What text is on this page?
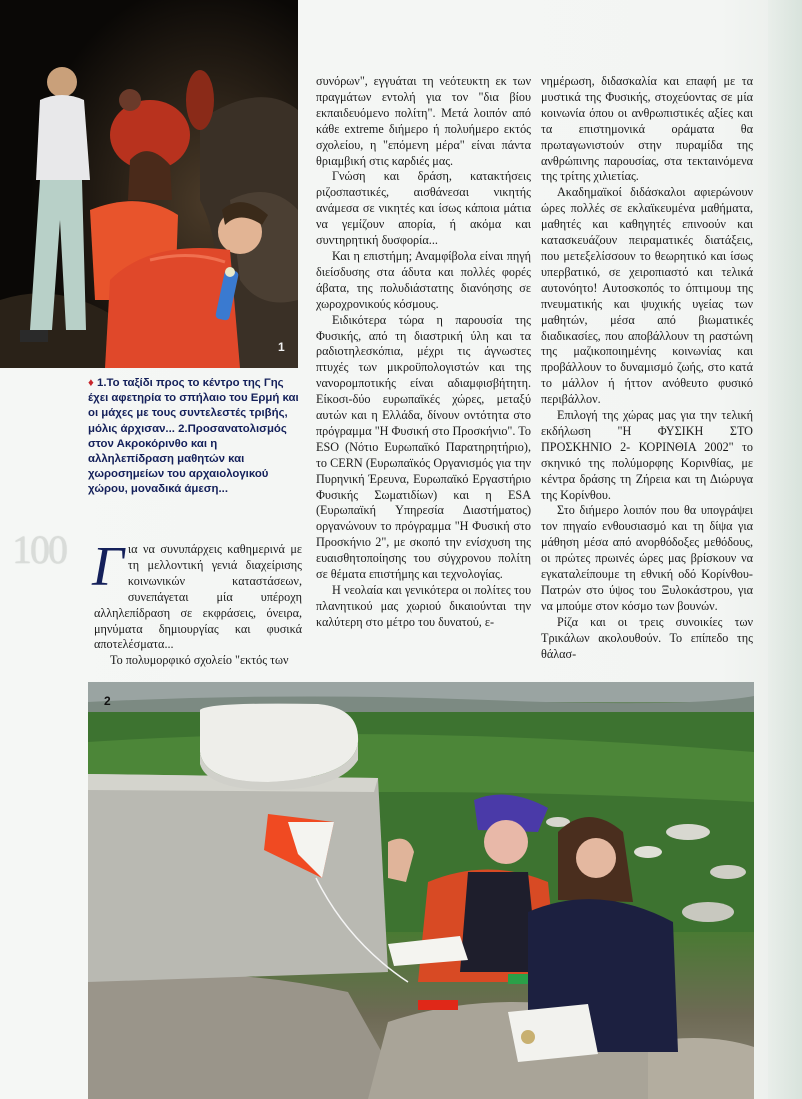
1
♦ 1.Το ταξίδι προς το κέντρο της Γης έχει αφετηρία το σπήλαιο του Ερμή και οι μάχες με τους συντελεστές τριβής, μόλις άρχισαν... 2.Προσανατολισμός στον Ακροκόρινθο και η αλληλεπίδραση μαθητών και χωροσημείων του αρχαιολογικού χώρου, μοναδικά άμεση...
100 Για να συνυπάρχεις καθημερινά με τη μελλοντική γενιά διαχείρισης κοινωνικών καταστάσεων, συνεπάγεται μία υπέροχη αλληλεπίδραση σε εκφράσεις, όνειρα, μηνύματα δημιουργίας και φυσικά αποτελέσματα...

Το πολυμορφικό σχολείο "εκτός των

συνόρων", εγγυάται τη νεότευκτη εκ των πραγμάτων εντολή για τον "δια βίου εκπαιδευόμενο πολίτη". Μετά λοιπόν από κάθε extreme διήμερο ή πολυήμερο εκτός σχολείου, η "επόμενη μέρα" είναι πάντα θριαμβική στις καρδιές μας.

Γνώση και δράση, κατακτήσεις ριζοσπαστικές, αισθάνεσαι νικητής ανάμεσα σε νικητές και ίσως κάποια μάτια να γεμίζουν απορία, ή ακόμα και συντηρητική δυσφορία...

Και η επιστήμη; Αναμφίβολα είναι πηγή διείσδυσης στα άδυτα και πολλές φορές άβατα, της πολυδιάστατης διανόησης σε χωροχρονικούς κόσμους.

Ειδικότερα τώρα η παρουσία της Φυσικής, από τη διαστρική ύλη και τα ραδιοτηλεσκόπια, μέχρι τις άγνωστες πτυχές των μικροϋπολογιστών και της νανορομποτικής είναι αδιαμφισβήτητη. Είκοσι-δύο ευρωπαϊκές χώρες, μεταξύ αυτών και η Ελλάδα, δίνουν οντότητα στο πρόγραμμα "Η Φυσική στο Προσκήνιο". Το ESO (Νότιο Ευρωπαϊκό Παρατηρητήριο), το CERN (Ευρωπαϊκός Οργανισμός για την Πυρηνική Έρευνα, Ευρωπαϊκό Εργαστήριο Φυσικής Σωματιδίων) και η ESA (Ευρωπαϊκή Υπηρεσία Διαστήματος) οργανώνουν το πρόγραμμα "Η Φυσική στο Προσκήνιο 2", με σκοπό την ενίσχυση της ευαισθητοποίησης του σύγχρονου πολίτη σε θέματα επιστήμης και τεχνολογίας.

Η νεολαία και γενικότερα οι πολίτες του πλανητικού μας χωριού δικαιούνται την καλύτερη στο μέτρο του δυνατού, ε-

νημέρωση, διδασκαλία και επαφή με τα μυστικά της Φυσικής, στοχεύοντας σε μία κοινωνία όπου οι ανθρωπιστικές αξίες και τα επιστημονικά οράματα θα πρωταγωνιστούν στην πυραμίδα της ανθρώπινης παρουσίας, στα τεκταινόμενα της τρίτης χιλιετίας.

Ακαδημαϊκοί διδάσκαλοι αφιερώνουν ώρες πολλές σε εκλαϊκευμένα μαθήματα, μαθητές και καθηγητές επινοούν και κατασκευάζουν πειραματικές διατάξεις, που μετεξελίσσουν το θεωρητικό και ίσως υπερβατικό, σε χειροπιαστό και τελικά αυτονόητο! Αυτοσκοπός το όπτιμουμ της πνευματικής και ψυχικής υγείας των μαθητών, μέσα από βιωματικές διαδικασίες, που αποβάλλουν τη ραστώνη της μαζικοποιημένης κοινωνίας και προβάλλουν το δυναμισμό ζωής, στο κατά το μάλλον ή ήττον ανόθευτο φυσικό περιβάλλον.

Επιλογή της χώρας μας για την τελική εκδήλωση "Η ΦΥΣΙΚΗ ΣΤΟ ΠΡΟΣΚΗΝΙΟ 2- ΚΟΡΙΝΘΙΑ 2002" το σκηνικό της πολύμορφης Κορινθίας, με κέντρα δράσης τη Ζήρεια και τη Διώρυγα της Κορίνθου.

Στο διήμερο λοιπόν που θα υπογράψει τον πηγαίο ενθουσιασμό και τη δίψα για μάθηση μέσα από ανορθόδοξες μεθόδους, οι πρώτες πρωινές ώρες μας βρίσκουν να εγκαταλείπουμε τη εθνική οδό Κορίνθου-Πατρών στο ύψος του Ξυλοκάστρου, για να μπούμε στον κόσμο των βουνών.

Ρίζα και οι τρεις συνοικίες των Τρικάλων ακολουθούν. Το επίπεδο της θάλασ-

2
